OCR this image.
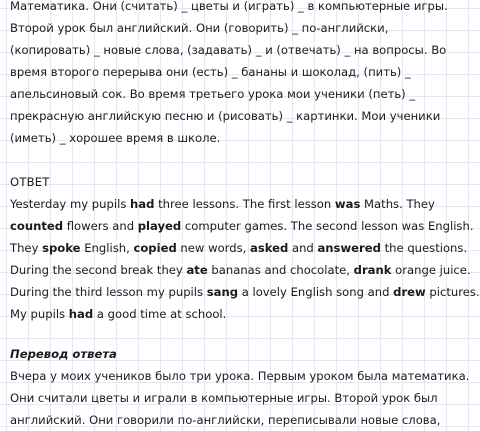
Математика. Они (считать) _ цветы и (играть) _ в компьютерные игры.
Второй урок был английский. Они (говорить) _ по-английски,
(копировать) _ новые слова, (задавать) _ и (отвечать) _ на вопросы. Во
время второго перерыва они (есть) _ бананы и шоколад, (пить) _
апельсиновый сок. Во время третьего урока мои ученики (петь) _
прекрасную английскую песню и (рисовать) _ картинки. Мои ученики
(иметь) _ хорошее время в школе.
ОТВЕТ
Yesterday my pupils had three lessons. The first lesson was Maths. They
counted flowers and played computer games. The second lesson was English.
They spoke English, copied new words, asked and answered the questions.
During the second break they ate bananas and chocolate, drank orange juice.
During the third lesson my pupils sang a lovely English song and drew pictures.
My pupils had a good time at school.
Перевод ответа
Вчера у моих учеников было три урока. Первым уроком была математика.
Они считали цветы и играли в компьютерные игры. Второй урок был
английский. Они говорили по-английски, переписывали новые слова,
